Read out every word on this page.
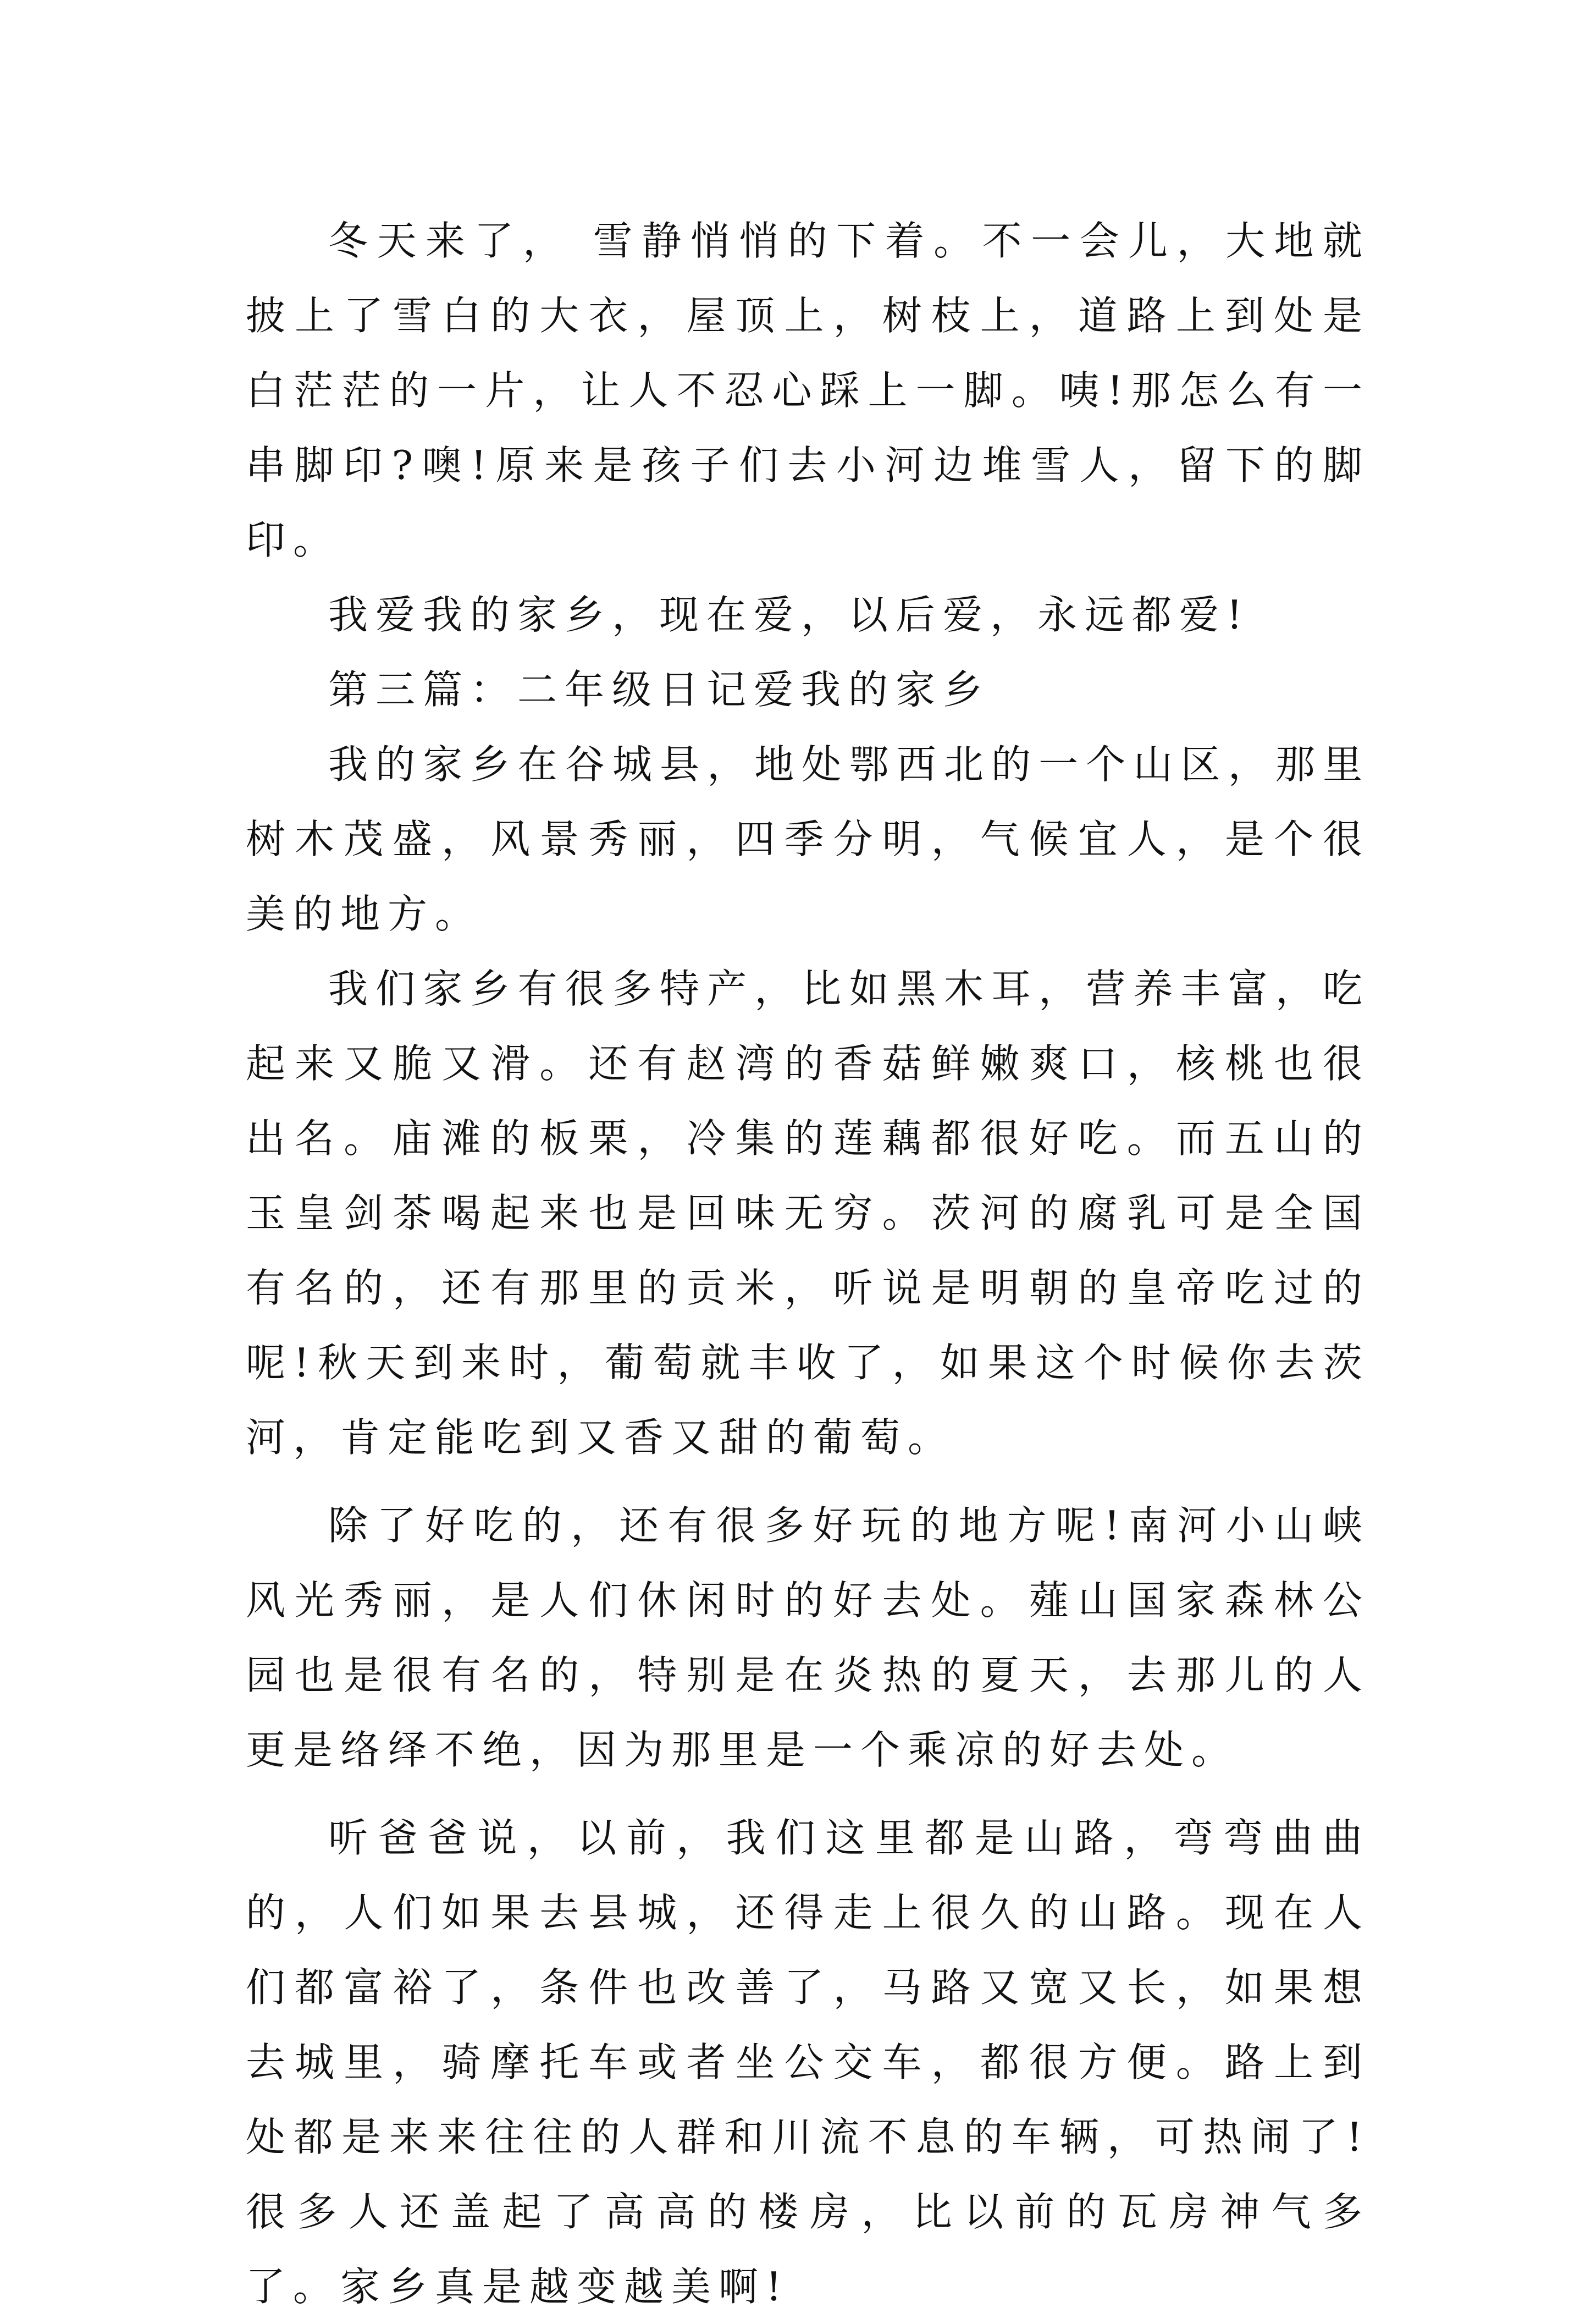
冬天来了， 雪静悄悄的下着。不一会儿，大地就披上了雪白的大衣，屋顶上，树枝上，道路上到处是白茫茫的一片，让人不忍心踩上一脚。咦!那怎么有一串脚印?噢!原来是孩子们去小河边堆雪人，留下的脚印。

我爱我的家乡，现在爱，以后爱，永远都爱!

第三篇：二年级日记爱我的家乡

我的家乡在谷城县，地处鄂西北的一个山区，那里树木茂盛，风景秀丽，四季分明，气候宜人，是个很美的地方。

我们家乡有很多特产，比如黑木耳，营养丰富，吃起来又脆又滑。还有赵湾的香菇鲜嫩爽口，核桃也很出名。庙滩的板栗，冷集的莲藕都很好吃。而五山的玉皇剑茶喝起来也是回味无穷。茨河的腐乳可是全国有名的，还有那里的贡米，听说是明朝的皇帝吃过的呢!秋天到来时，葡萄就丰收了，如果这个时候你去茨河，肯定能吃到又香又甜的葡萄。

除了好吃的，还有很多好玩的地方呢!南河小山峡风光秀丽，是人们休闲时的好去处。薤山国家森林公园也是很有名的，特别是在炎热的夏天，去那儿的人更是络绎不绝，因为那里是一个乘凉的好去处。

听爸爸说，以前，我们这里都是山路，弯弯曲曲的，人们如果去县城，还得走上很久的山路。现在人们都富裕了，条件也改善了，马路又宽又长，如果想去城里，骑摩托车或者坐公交车，都很方便。路上到处都是来来往往的人群和川流不息的车辆，可热闹了!很多人还盖起了高高的楼房，比以前的瓦房神气多了。家乡真是越变越美啊!
